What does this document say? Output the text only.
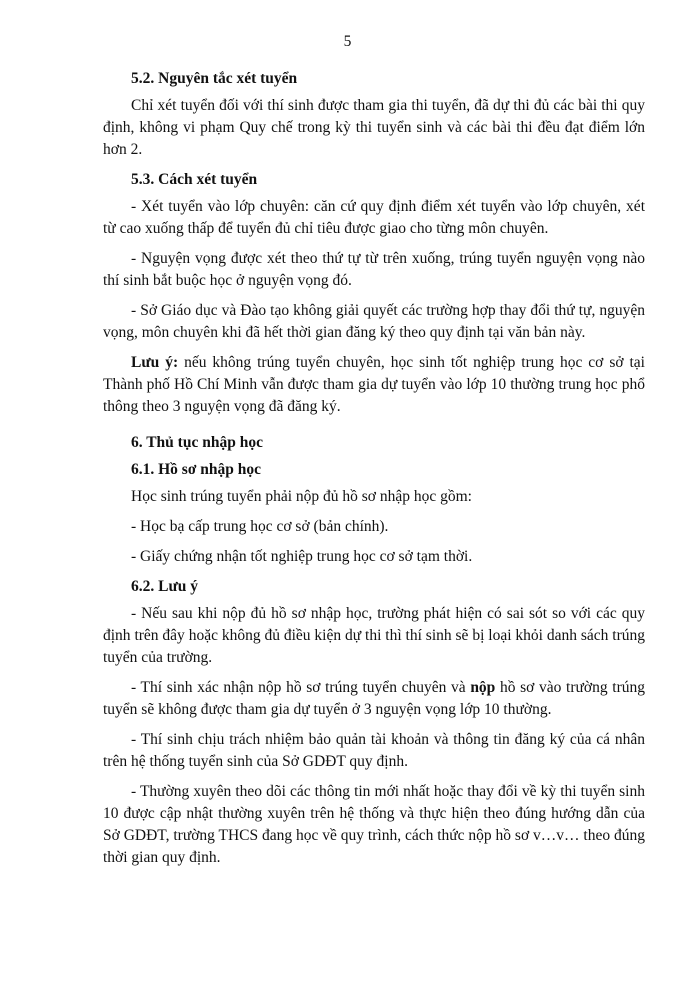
5
5.2. Nguyên tắc xét tuyển

Chỉ xét tuyển đối với thí sinh được tham gia thi tuyển, đã dự thi đủ các bài thi quy định, không vi phạm Quy chế trong kỳ thi tuyển sinh và các bài thi đều đạt điểm lớn hơn 2.

5.3. Cách xét tuyển

- Xét tuyển vào lớp chuyên: căn cứ quy định điểm xét tuyển vào lớp chuyên, xét từ cao xuống thấp để tuyển đủ chỉ tiêu được giao cho từng môn chuyên.

- Nguyện vọng được xét theo thứ tự từ trên xuống, trúng tuyển nguyện vọng nào thí sinh bắt buộc học ở nguyện vọng đó.

- Sở Giáo dục và Đào tạo không giải quyết các trường hợp thay đổi thứ tự, nguyện vọng, môn chuyên khi đã hết thời gian đăng ký theo quy định tại văn bản này.

Lưu ý: nếu không trúng tuyển chuyên, học sinh tốt nghiệp trung học cơ sở tại Thành phố Hồ Chí Minh vẫn được tham gia dự tuyển vào lớp 10 thường trung học phổ thông theo 3 nguyện vọng đã đăng ký.

6. Thủ tục nhập học
6.1. Hồ sơ nhập học

Học sinh trúng tuyển phải nộp đủ hồ sơ nhập học gồm:

- Học bạ cấp trung học cơ sở (bản chính).

- Giấy chứng nhận tốt nghiệp trung học cơ sở tạm thời.

6.2. Lưu ý

- Nếu sau khi nộp đủ hồ sơ nhập học, trường phát hiện có sai sót so với các quy định trên đây hoặc không đủ điều kiện dự thi thì thí sinh sẽ bị loại khỏi danh sách trúng tuyển của trường.

- Thí sinh xác nhận nộp hồ sơ trúng tuyển chuyên và nộp hồ sơ vào trường trúng tuyển sẽ không được tham gia dự tuyển ở 3 nguyện vọng lớp 10 thường.

- Thí sinh chịu trách nhiệm bảo quản tài khoản và thông tin đăng ký của cá nhân trên hệ thống tuyển sinh của Sở GDĐT quy định.

- Thường xuyên theo dõi các thông tin mới nhất hoặc thay đổi về kỳ thi tuyển sinh 10 được cập nhật thường xuyên trên hệ thống và thực hiện theo đúng hướng dẫn của Sở GDĐT, trường THCS đang học về quy trình, cách thức nộp hồ sơ v…v… theo đúng thời gian quy định.
